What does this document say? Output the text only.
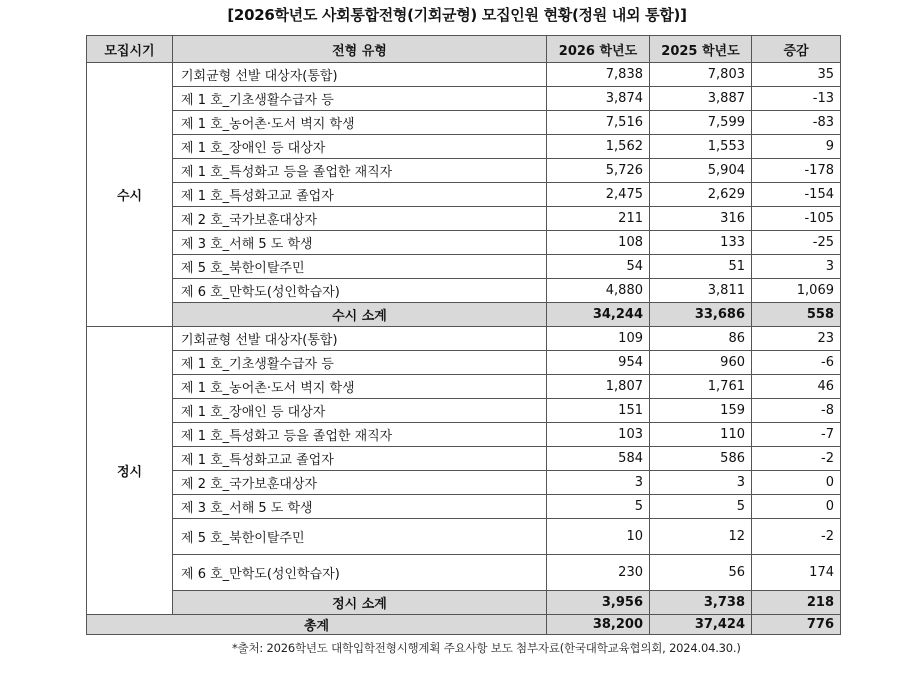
[2026학년도 사회통합전형(기회균형) 모집인원 현황(정원 내외 통합)]
모집시기	전형 유형	2026 학년도	2025 학년도	증감
수시	기회균형 선발 대상자(통합)	7,838	7,803	35
	제 1 호_기초생활수급자 등	3,874	3,887	-13
	제 1 호_농어촌·도서 벽지 학생	7,516	7,599	-83
	제 1 호_장애인 등 대상자	1,562	1,553	9
	제 1 호_특성화고 등을 졸업한 재직자	5,726	5,904	-178
	제 1 호_특성화고교 졸업자	2,475	2,629	-154
	제 2 호_국가보훈대상자	211	316	-105
	제 3 호_서해 5 도 학생	108	133	-25
	제 5 호_북한이탈주민	54	51	3
	제 6 호_만학도(성인학습자)	4,880	3,811	1,069
	수시 소계	34,244	33,686	558
정시	기회균형 선발 대상자(통합)	109	86	23
	제 1 호_기초생활수급자 등	954	960	-6
	제 1 호_농어촌·도서 벽지 학생	1,807	1,761	46
	제 1 호_장애인 등 대상자	151	159	-8
	제 1 호_특성화고 등을 졸업한 재직자	103	110	-7
	제 1 호_특성화고교 졸업자	584	586	-2
	제 2 호_국가보훈대상자	3	3	0
	제 3 호_서해 5 도 학생	5	5	0
	제 5 호_북한이탈주민	10	12	-2
	제 6 호_만학도(성인학습자)	230	56	174
	정시 소계	3,956	3,738	218
총계		38,200	37,424	776
*출처: 2026학년도 대학입학전형시행계획 주요사항 보도 첨부자료(한국대학교육협의회, 2024.04.30.)
